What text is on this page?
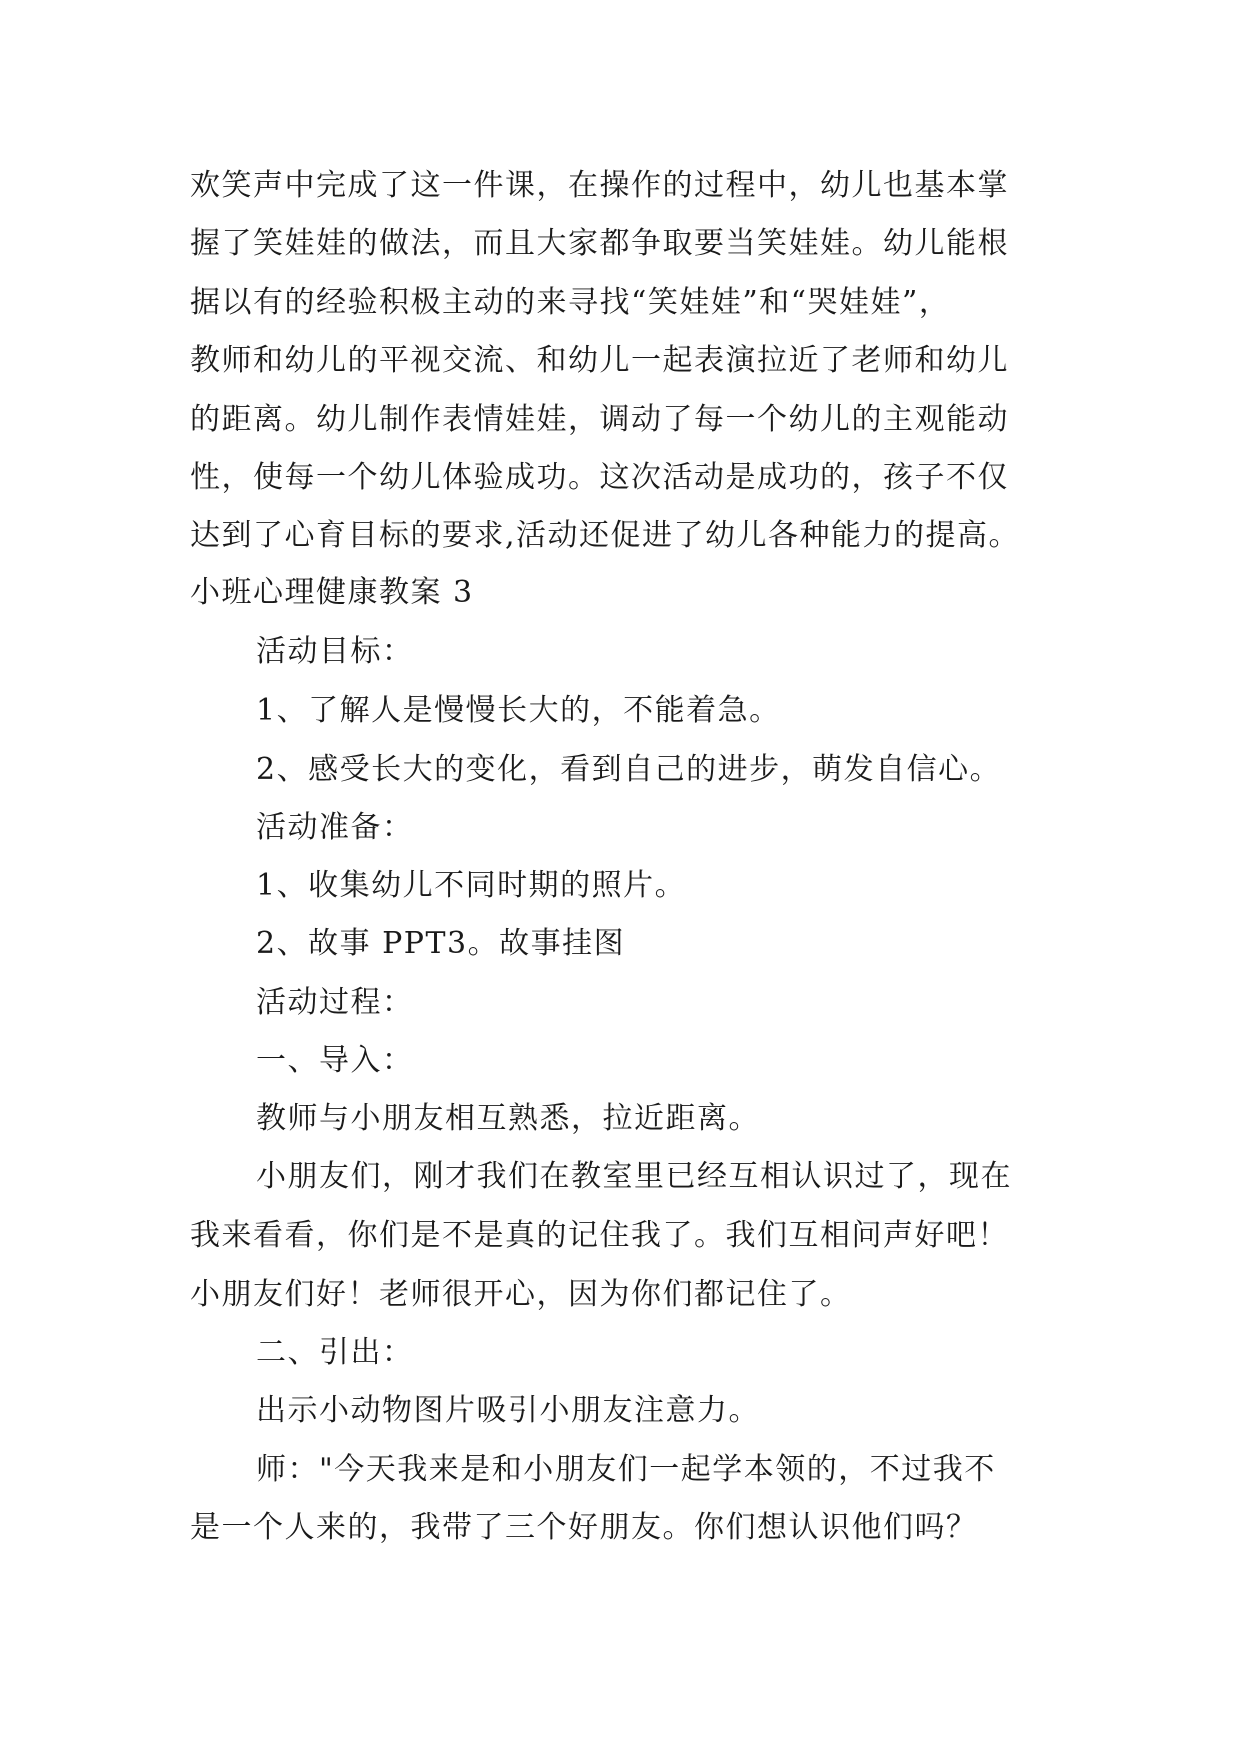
欢笑声中完成了这一件课，在操作的过程中，幼儿也基本掌
握了笑娃娃的做法，而且大家都争取要当笑娃娃。幼儿能根
据以有的经验积极主动的来寻找“笑娃娃”和“哭娃娃”，
教师和幼儿的平视交流、和幼儿一起表演拉近了老师和幼儿
的距离。幼儿制作表情娃娃，调动了每一个幼儿的主观能动
性，使每一个幼儿体验成功。这次活动是成功的，孩子不仅
达到了心育目标的要求,活动还促进了幼儿各种能力的提高。
小班心理健康教案 3
活动目标：
1、了解人是慢慢长大的，不能着急。
2、感受长大的变化，看到自己的进步，萌发自信心。
活动准备：
1、收集幼儿不同时期的照片。
2、故事 PPT3。故事挂图
活动过程：
一、导入：
教师与小朋友相互熟悉，拉近距离。
小朋友们，刚才我们在教室里已经互相认识过了，现在
我来看看，你们是不是真的记住我了。我们互相问声好吧！
小朋友们好！老师很开心，因为你们都记住了。
二、引出：
出示小动物图片吸引小朋友注意力。
师："今天我来是和小朋友们一起学本领的，不过我不
是一个人来的，我带了三个好朋友。你们想认识他们吗？
